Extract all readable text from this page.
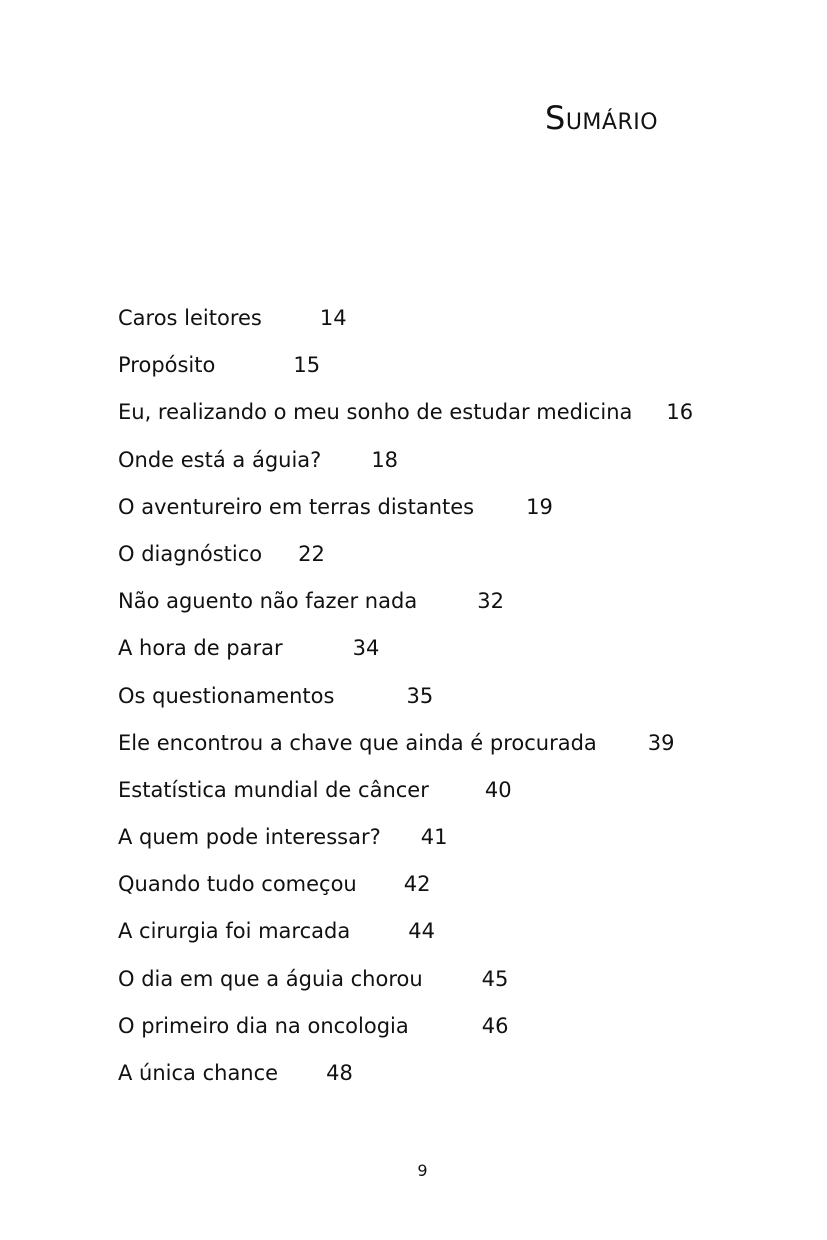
Sumário
Caros leitores	14
Propósito	15
Eu, realizando o meu sonho de estudar medicina 16
Onde está a águia? 18
O aventureiro em terras distantes 19
O diagnóstico 22
Não aguento não fazer nada	32
A hora de parar	34
Os questionamentos	35
Ele encontrou a chave que ainda é procurada 39
Estatística mundial de câncer	40
A quem pode interessar? 41
Quando tudo começou 42
A cirurgia foi marcada	44
O dia em que a águia chorou	45
O primeiro dia na oncologia	46
A única chance 48
9
